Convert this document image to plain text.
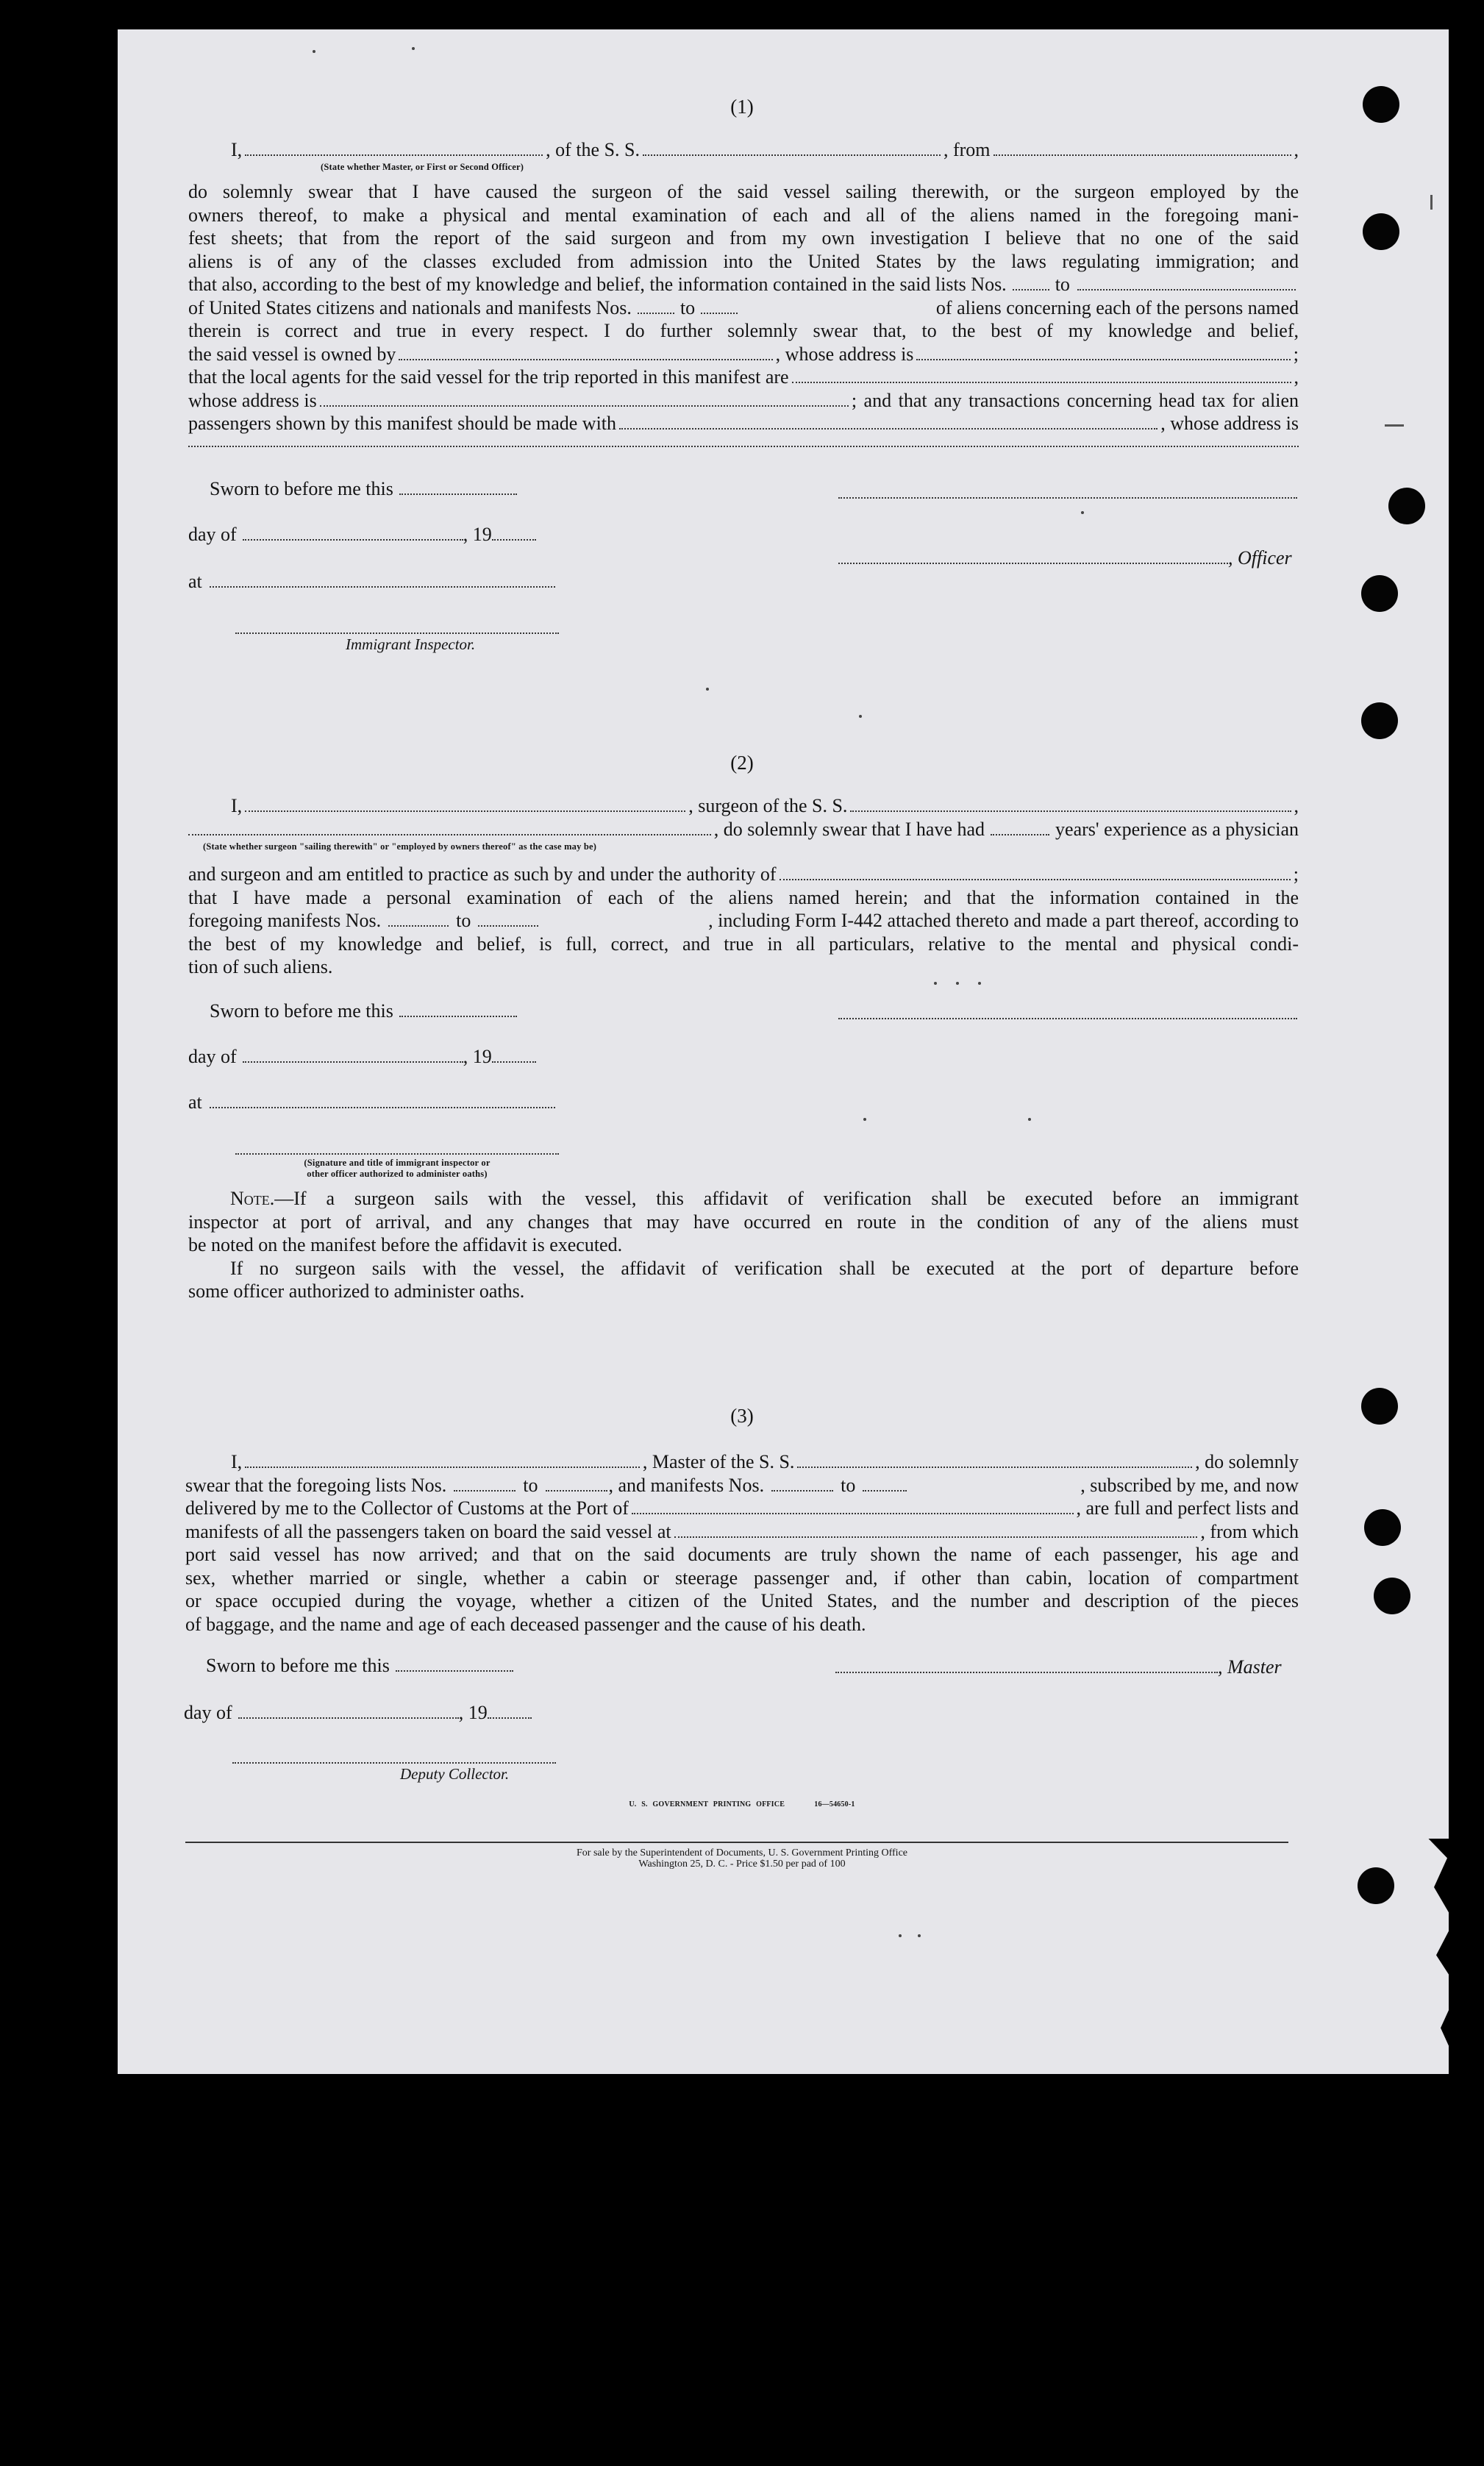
(1)
I,	, of the S. S.	, from	,
(State whether Master, or First or Second Officer)
do solemnly swear that I have caused the surgeon of the said vessel sailing therewith, or the surgeon employed by the
owners thereof, to make a physical and mental examination of each and all of the aliens named in the foregoing mani-
fest sheets; that from the report of the said surgeon and from my own investigation I believe that no one of the said
aliens is of any of the classes excluded from admission into the United States by the laws regulating immigration; and
that also, according to the best of my knowledge and belief, the information contained in the said lists Nos.	to
of United States citizens and nationals and manifests Nos.	to	of aliens concerning each of the persons named
therein is correct and true in every respect. I do further solemnly swear that, to the best of my knowledge and belief,
the said vessel is owned by	, whose address is	;
that the local agents for the said vessel for the trip reported in this manifest are	,
whose address is	; and that any transactions concerning head tax for alien
passengers shown by this manifest should be made with	, whose address is
Sworn to before me this
day of	, 19
at
Immigrant Inspector.
, Officer
(2)
I,	, surgeon of the S. S.	,
, do solemnly swear that I have had	years' experience as a physician
(State whether surgeon "sailing therewith" or "employed by owners thereof" as the case may be)
and surgeon and am entitled to practice as such by and under the authority of	;
that I have made a personal examination of each of the aliens named herein; and that the information contained in the
foregoing manifests Nos.	to	, including Form I-442 attached thereto and made a part thereof, according to
the best of my knowledge and belief, is full, correct, and true in all particulars, relative to the mental and physical condi-
tion of such aliens.
Sworn to before me this
day of	, 19
at
(Signature and title of immigrant inspector or
other officer authorized to administer oaths)
Note.—If a surgeon sails with the vessel, this affidavit of verification shall be executed before an immigrant
inspector at port of arrival, and any changes that may have occurred en route in the condition of any of the aliens must
be noted on the manifest before the affidavit is executed.
If no surgeon sails with the vessel, the affidavit of verification shall be executed at the port of departure before
some officer authorized to administer oaths.
(3)
I,	, Master of the S. S.	, do solemnly
swear that the foregoing lists Nos.	to	, and manifests Nos.	to	, subscribed by me, and now
delivered by me to the Collector of Customs at the Port of	, are full and perfect lists and
manifests of all the passengers taken on board the said vessel at	, from which
port said vessel has now arrived; and that on the said documents are truly shown the name of each passenger, his age and
sex, whether married or single, whether a cabin or steerage passenger and, if other than cabin, location of compartment
or space occupied during the voyage, whether a citizen of the United States, and the number and description of the pieces
of baggage, and the name and age of each deceased passenger and the cause of his death.
Sworn to before me this
day of	, 19
Deputy Collector.
, Master
U. S. GOVERNMENT PRINTING OFFICE      16—54650-1
For sale by the Superintendent of Documents, U. S. Government Printing Office
Washington 25, D. C. - Price $1.50 per pad of 100
